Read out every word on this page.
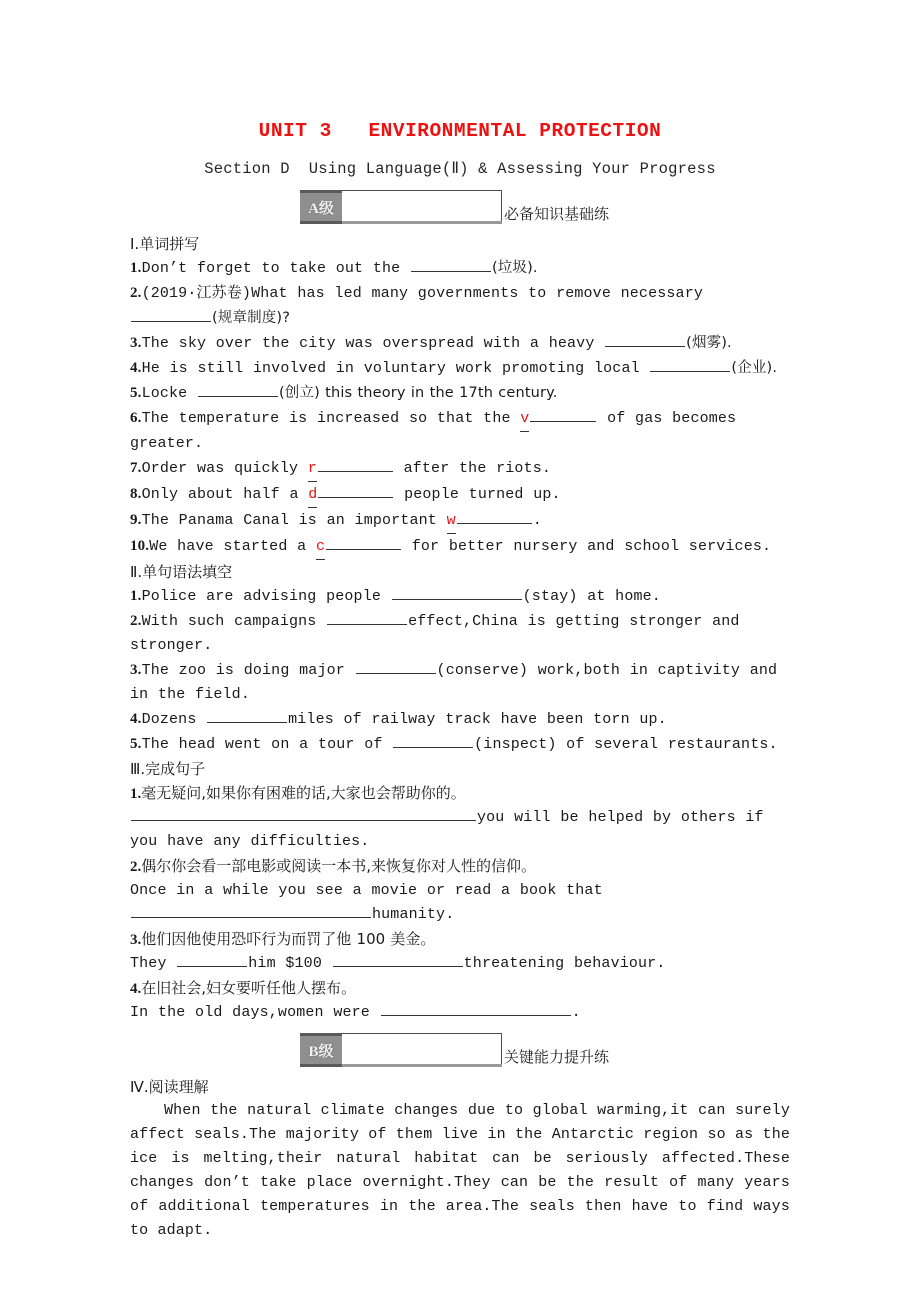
UNIT 3   ENVIRONMENTAL PROTECTION
Section D  Using Language(Ⅱ) & Assessing Your Progress
A级	必备知识基础练
Ⅰ.单词拼写
1.Don’t forget to take out the	(垃圾).
2.(2019·江苏卷)What has led many governments to remove necessary (规章制度)?
3.The sky over the city was overspread with a heavy	(烟雾).
4.He is still involved in voluntary work promoting local	(企业).
5.Locke	(创立) this theory in the 17th century.
6.The temperature is increased so that the v	of gas becomes greater.
7.Order was quickly r	after the riots.
8.Only about half a d	people turned up.
9.The Panama Canal is an important w	.
10.We have started a c	for better nursery and school services.
Ⅱ.单句语法填空
1.Police are advising people	(stay) at home.
2.With such campaigns	effect,China is getting stronger and stronger.
3.The zoo is doing major	(conserve) work,both in captivity and in the field.
4.Dozens	miles of railway track have been torn up.
5.The head went on a tour of	(inspect) of several restaurants.
Ⅲ.完成句子
1.毫无疑问,如果你有困难的话,大家也会帮助你的。
you will be helped by others if you have any difficulties.
2.偶尔你会看一部电影或阅读一本书,来恢复你对人性的信仰。
Once in a while you see a movie or read a book that humanity.
3.他们因他使用恐吓行为而罚了他 100 美金。
They	him $100	threatening behaviour.
4.在旧社会,妇女要听任他人摆布。
In the old days,women were	.
B级	关键能力提升练
Ⅳ.阅读理解
When the natural climate changes due to global warming,it can surely affect seals.The majority of them live in the Antarctic region so as the ice is melting,their natural habitat can be seriously affected.These changes don’t take place overnight.They can be the result of many years of additional temperatures in the area.The seals then have to find ways to adapt.
